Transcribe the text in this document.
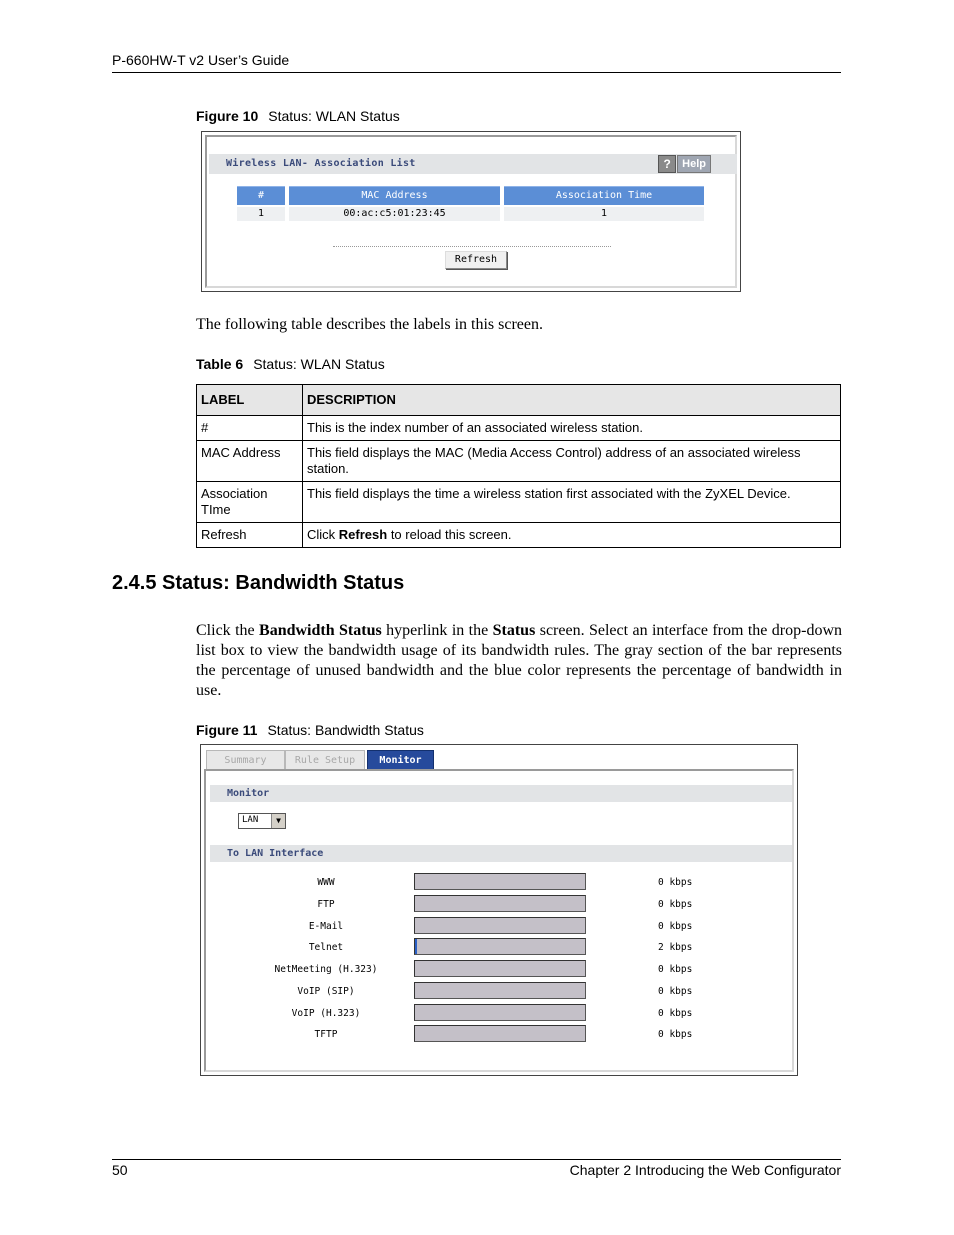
P-660HW-T v2 User’s Guide
Figure 10 Status: WLAN Status
Wireless LAN- Association List	?	Help
#	MAC Address	Association Time
1	00:ac:c5:01:23:45	1
Refresh
The following table describes the labels in this screen.
Table 6 Status: WLAN Status
LABEL	DESCRIPTION
#	This is the index number of an associated wireless station.
MAC Address	This field displays the MAC (Media Access Control) address of an associated wireless station.
Association TIme	This field displays the time a wireless station first associated with the ZyXEL Device.
Refresh	Click Refresh to reload this screen.
2.4.5 Status: Bandwidth Status
Click the Bandwidth Status hyperlink in the Status screen. Select an interface from the drop-down list box to view the bandwidth usage of its bandwidth rules. The gray section of the bar represents the percentage of unused bandwidth and the blue color represents the percentage of bandwidth in use.
Figure 11 Status: Bandwidth Status
Summary	Rule Setup	Monitor
Monitor
LAN	▼
To LAN Interface
WWW	0 kbps
FTP	0 kbps
E-Mail	0 kbps
Telnet	2 kbps
NetMeeting (H.323)	0 kbps
VoIP (SIP)	0 kbps
VoIP (H.323)	0 kbps
TFTP	0 kbps
50	Chapter 2 Introducing the Web Configurator
